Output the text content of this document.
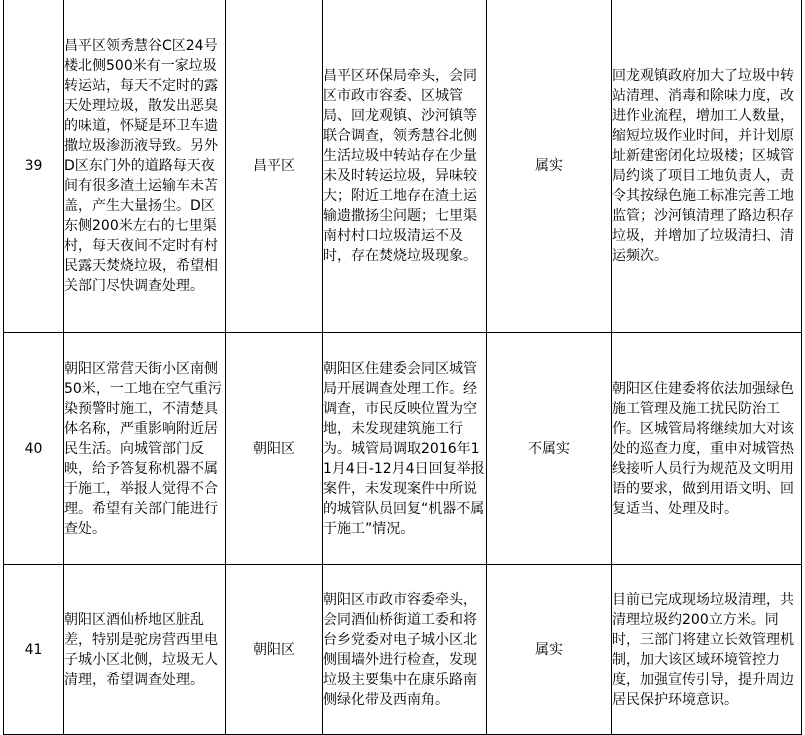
39	昌平区领秀慧谷C区24号楼北侧500米有一家垃圾转运站，每天不定时的露天处理垃圾，散发出恶臭的味道，怀疑是环卫车遗撒垃圾渗沥液导致。另外D区东门外的道路每天夜间有很多渣土运输车未苫盖，产生大量扬尘。D区东侧200米左右的七里渠村，每天夜间不定时有村民露天焚烧垃圾，希望相关部门尽快调查处理。	昌平区	昌平区环保局牵头，会同区市政市容委、区城管局、回龙观镇、沙河镇等联合调查，领秀慧谷北侧生活垃圾中转站存在少量未及时转运垃圾，异味较大；附近工地存在渣土运输遗撒扬尘问题；七里渠南村村口垃圾清运不及时，存在焚烧垃圾现象。	属实	回龙观镇政府加大了垃圾中转站清理、消毒和除味力度，改进作业流程，增加工人数量，缩短垃圾作业时间，并计划原址新建密闭化垃圾楼；区城管局约谈了项目工地负责人，责令其按绿色施工标准完善工地监管；沙河镇清理了路边积存垃圾，并增加了垃圾清扫、清运频次。

40	朝阳区常营天街小区南侧50米，一工地在空气重污染预警时施工，不清楚具体名称，严重影响附近居民生活。向城管部门反映，给予答复称机器不属于施工，举报人觉得不合理。希望有关部门能进行查处。	朝阳区	朝阳区住建委会同区城管局开展调查处理工作。经调查，市民反映位置为空地，未发现建筑施工行为。城管局调取2016年11月4日-12月4日回复举报案件，未发现案件中所说的城管队员回复“机器不属于施工”情况。	不属实	朝阳区住建委将依法加强绿色施工管理及施工扰民防治工作。区城管局将继续加大对该处的巡查力度，重申对城管热线接听人员行为规范及文明用语的要求，做到用语文明、回复适当、处理及时。

41	朝阳区酒仙桥地区脏乱差，特别是驼房营西里电子城小区北侧，垃圾无人清理，希望调查处理。	朝阳区	朝阳区市政市容委牵头，会同酒仙桥街道工委和将台乡党委对电子城小区北侧围墙外进行检查，发现垃圾主要集中在康乐路南侧绿化带及西南角。	属实	目前已完成现场垃圾清理，共清理垃圾约200立方米。同时，三部门将建立长效管理机制，加大该区域环境管控力度，加强宣传引导，提升周边居民保护环境意识。
